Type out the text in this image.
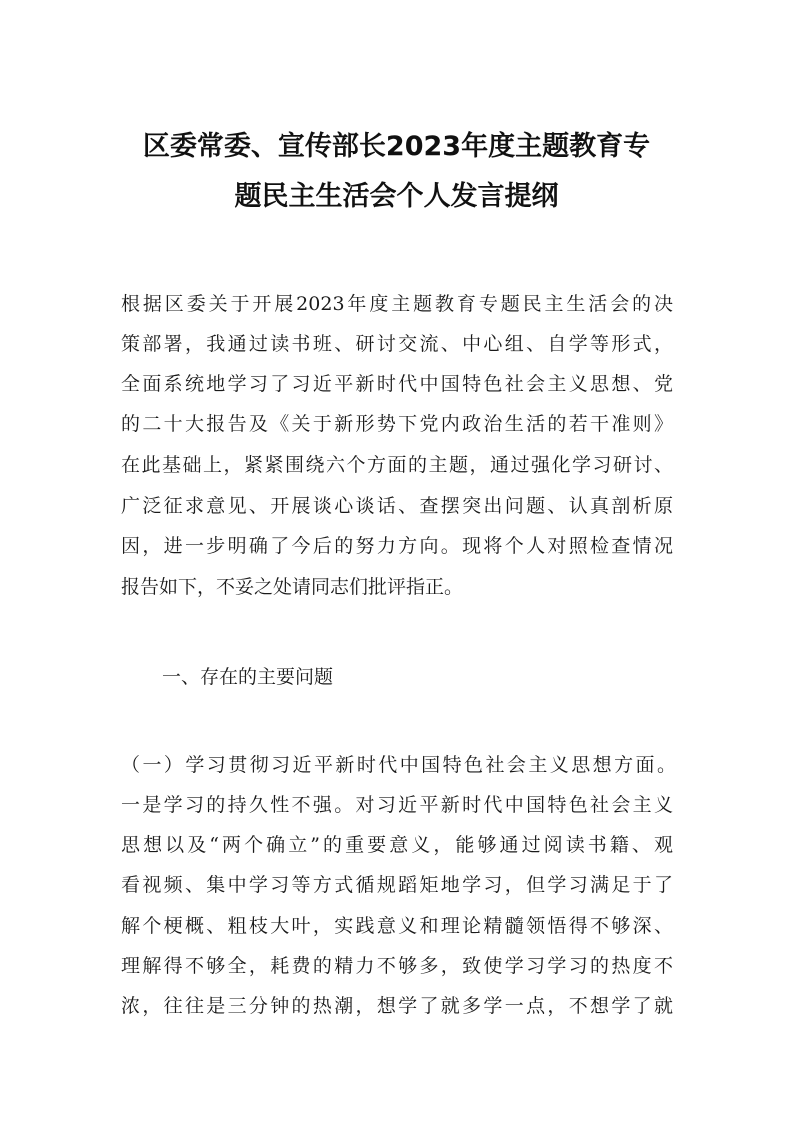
区委常委、宣传部长2023年度主题教育专
题民主生活会个人发言提纲
根据区委关于开展2023年度主题教育专题民主生活会的决
策部署，我通过读书班、研讨交流、中心组、自学等形式，
全面系统地学习了习近平新时代中国特色社会主义思想、党
的二十大报告及《关于新形势下党内政治生活的若干准则》
在此基础上，紧紧围绕六个方面的主题，通过强化学习研讨、
广泛征求意见、开展谈心谈话、查摆突出问题、认真剖析原
因，进一步明确了今后的努力方向。现将个人对照检查情况
报告如下，不妥之处请同志们批评指正。
一、存在的主要问题
（一）学习贯彻习近平新时代中国特色社会主义思想方面。
一是学习的持久性不强。对习近平新时代中国特色社会主义
思想以及“两个确立”的重要意义，能够通过阅读书籍、观
看视频、集中学习等方式循规蹈矩地学习，但学习满足于了
解个梗概、粗枝大叶，实践意义和理论精髓领悟得不够深、
理解得不够全，耗费的精力不够多，致使学习学习的热度不
浓，往往是三分钟的热潮，想学了就多学一点，不想学了就
